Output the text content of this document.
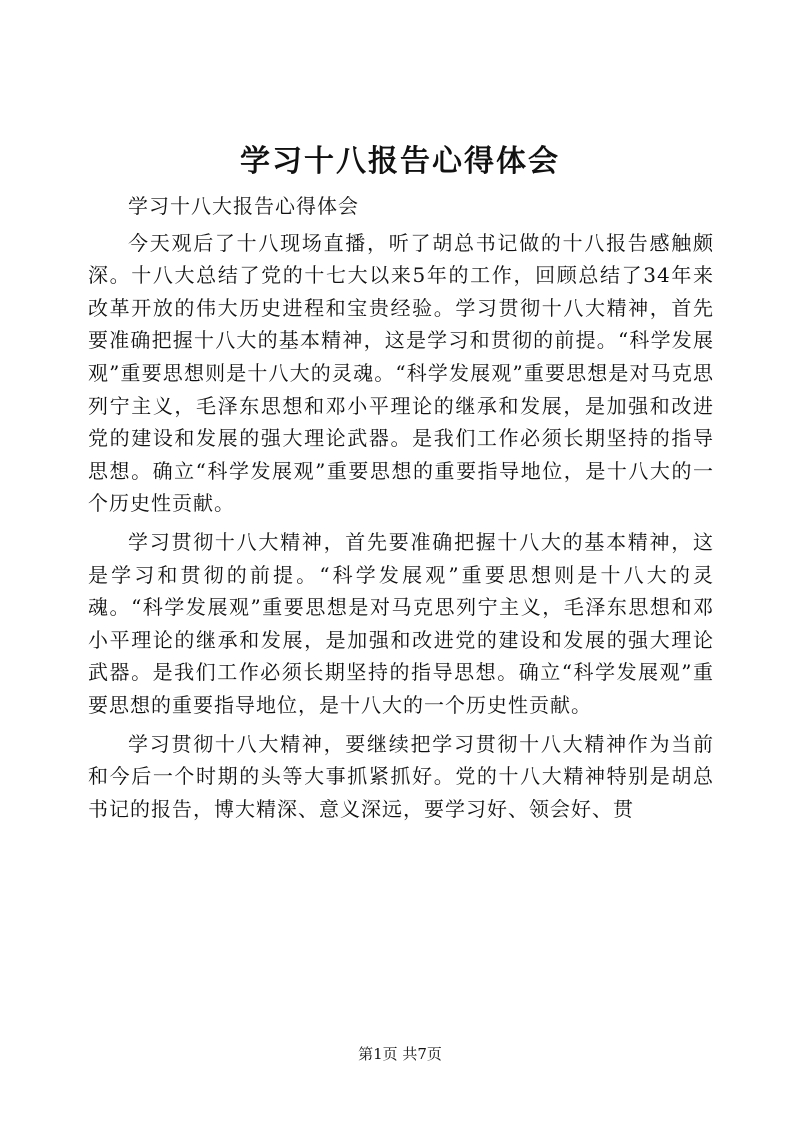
学习十八报告心得体会

学习十八大报告心得体会

今天观后了十八现场直播，听了胡总书记做的十八报告感触颇深。十八大总结了党的十七大以来5年的工作，回顾总结了34年来改革开放的伟大历史进程和宝贵经验。学习贯彻十八大精神，首先要准确把握十八大的基本精神，这是学习和贯彻的前提。“科学发展观”重要思想则是十八大的灵魂。“科学发展观”重要思想是对马克思列宁主义，毛泽东思想和邓小平理论的继承和发展，是加强和改进党的建设和发展的强大理论武器。是我们工作必须长期坚持的指导思想。确立“科学发展观”重要思想的重要指导地位，是十八大的一个历史性贡献。

学习贯彻十八大精神，首先要准确把握十八大的基本精神，这是学习和贯彻的前提。“科学发展观”重要思想则是十八大的灵魂。“科学发展观”重要思想是对马克思列宁主义，毛泽东思想和邓小平理论的继承和发展，是加强和改进党的建设和发展的强大理论武器。是我们工作必须长期坚持的指导思想。确立“科学发展观”重要思想的重要指导地位，是十八大的一个历史性贡献。

学习贯彻十八大精神，要继续把学习贯彻十八大精神作为当前和今后一个时期的头等大事抓紧抓好。党的十八大精神特别是胡总书记的报告，博大精深、意义深远，要学习好、领会好、贯

第1页 共7页
